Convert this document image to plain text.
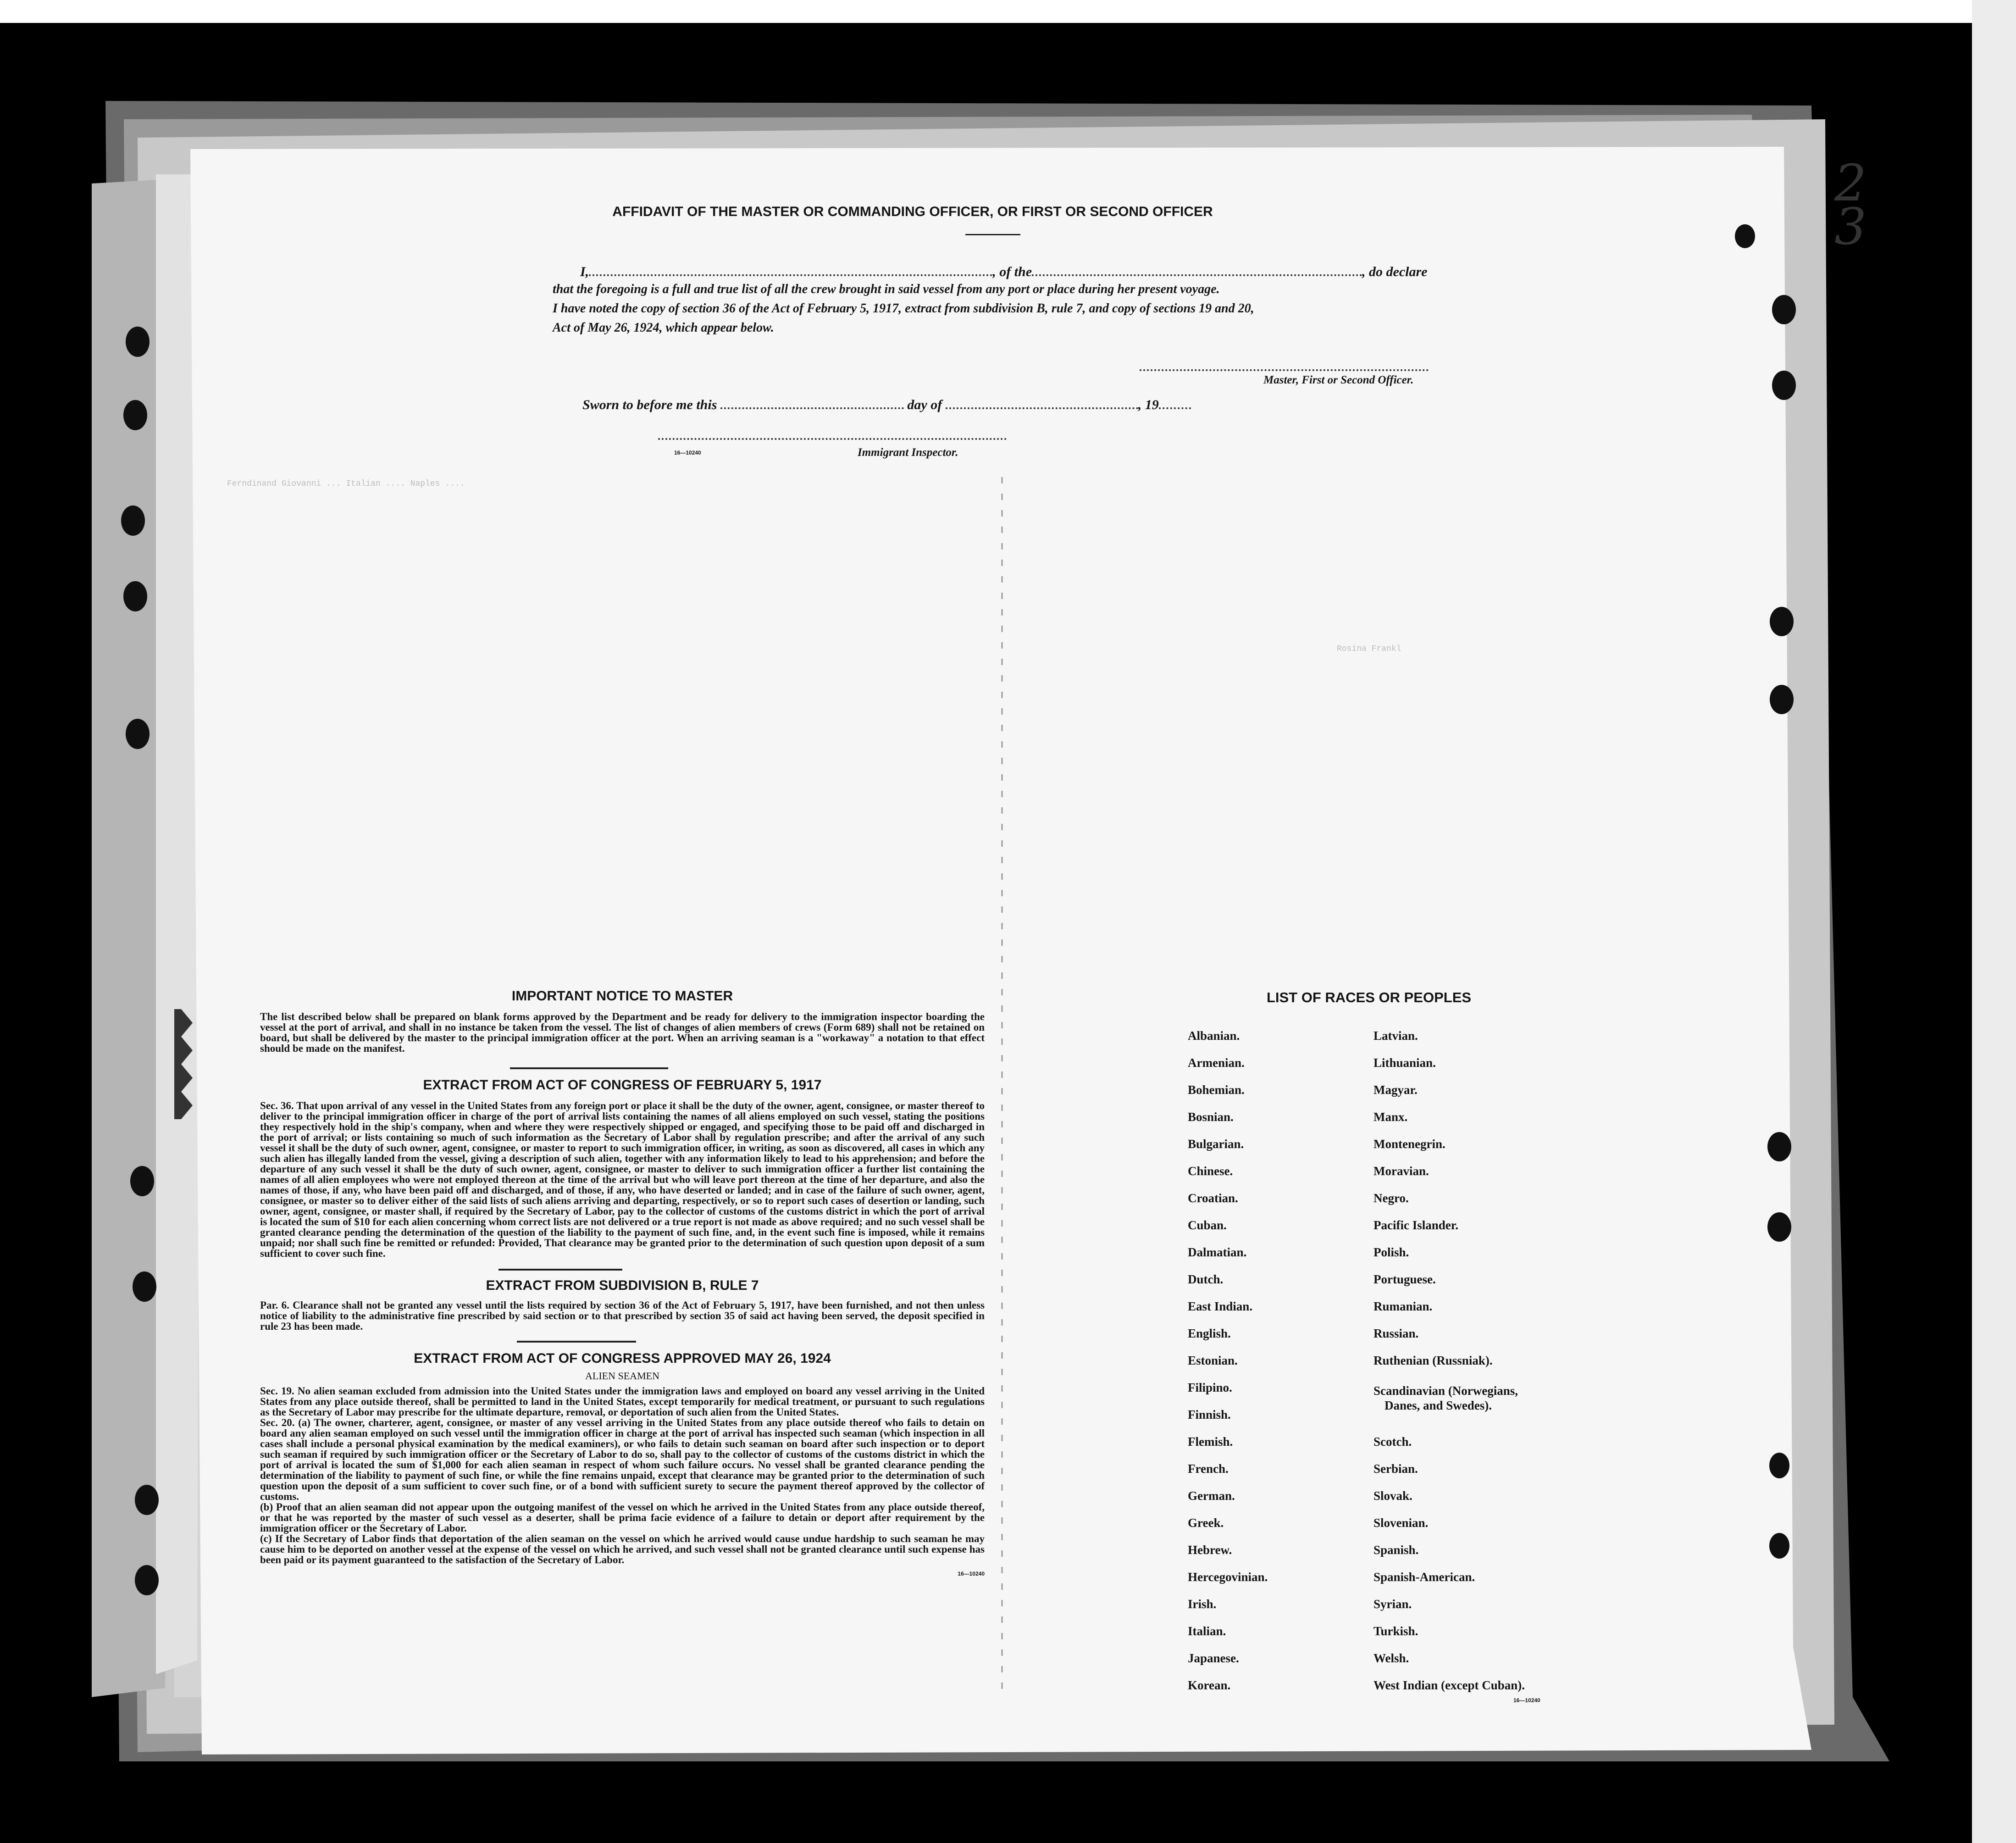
2
3
Ferndinand Giovanni ... Italian .... Naples ....
Rosina Frankl
AFFIDAVIT OF THE MASTER OR COMMANDING OFFICER, OR FIRST OR SECOND OFFICER
I,	, of the	, do declare
that the foregoing is a full and true list of all the crew brought in said vessel from any port or place during her present voyage.
I have noted the copy of section 36 of the Act of February 5, 1917, extract from subdivision B, rule 7, and copy of sections 19 and 20,
Act of May 26, 1924, which appear below.
Master, First or Second Officer.
Sworn to before me this	day of	, 19
16—10240	Immigrant Inspector.
IMPORTANT NOTICE TO MASTER

The list described below shall be prepared on blank forms approved by the Department and be ready for delivery to the immigration inspector boarding the vessel at the port of arrival, and shall in no instance be taken from the vessel. The list of changes of alien members of crews (Form 689) shall not be retained on board, but shall be delivered by the master to the principal immigration officer at the port. When an arriving seaman is a "workaway" a notation to that effect should be made on the manifest.

EXTRACT FROM ACT OF CONGRESS OF FEBRUARY 5, 1917

Sec. 36. That upon arrival of any vessel in the United States from any foreign port or place it shall be the duty of the owner, agent, consignee, or master thereof to deliver to the principal immigration officer in charge of the port of arrival lists containing the names of all aliens employed on such vessel, stating the positions they respectively hold in the ship's company, when and where they were respectively shipped or engaged, and specifying those to be paid off and discharged in the port of arrival; or lists containing so much of such information as the Secretary of Labor shall by regulation prescribe; and after the arrival of any such vessel it shall be the duty of such owner, agent, consignee, or master to report to such immigration officer, in writing, as soon as discovered, all cases in which any such alien has illegally landed from the vessel, giving a description of such alien, together with any information likely to lead to his apprehension; and before the departure of any such vessel it shall be the duty of such owner, agent, consignee, or master to deliver to such immigration officer a further list containing the names of all alien employees who were not employed thereon at the time of the arrival but who will leave port thereon at the time of her departure, and also the names of those, if any, who have been paid off and discharged, and of those, if any, who have deserted or landed; and in case of the failure of such owner, agent, consignee, or master so to deliver either of the said lists of such aliens arriving and departing, respectively, or so to report such cases of desertion or landing, such owner, agent, consignee, or master shall, if required by the Secretary of Labor, pay to the collector of customs of the customs district in which the port of arrival is located the sum of $10 for each alien concerning whom correct lists are not delivered or a true report is not made as above required; and no such vessel shall be granted clearance pending the determination of the question of the liability to the payment of such fine, and, in the event such fine is imposed, while it remains unpaid; nor shall such fine be remitted or refunded: Provided, That clearance may be granted prior to the determination of such question upon deposit of a sum sufficient to cover such fine.

EXTRACT FROM SUBDIVISION B, RULE 7

Par. 6. Clearance shall not be granted any vessel until the lists required by section 36 of the Act of February 5, 1917, have been furnished, and not then unless notice of liability to the administrative fine prescribed by said section or to that prescribed by section 35 of said act having been served, the deposit specified in rule 23 has been made.

EXTRACT FROM ACT OF CONGRESS APPROVED MAY 26, 1924
ALIEN SEAMEN

Sec. 19. No alien seaman excluded from admission into the United States under the immigration laws and employed on board any vessel arriving in the United States from any place outside thereof, shall be permitted to land in the United States, except temporarily for medical treatment, or pursuant to such regulations as the Secretary of Labor may prescribe for the ultimate departure, removal, or deportation of such alien from the United States.

Sec. 20. (a) The owner, charterer, agent, consignee, or master of any vessel arriving in the United States from any place outside thereof who fails to detain on board any alien seaman employed on such vessel until the immigration officer in charge at the port of arrival has inspected such seaman (which inspection in all cases shall include a personal physical examination by the medical examiners), or who fails to detain such seaman on board after such inspection or to deport such seaman if required by such immigration officer or the Secretary of Labor to do so, shall pay to the collector of customs of the customs district in which the port of arrival is located the sum of $1,000 for each alien seaman in respect of whom such failure occurs. No vessel shall be granted clearance pending the determination of the liability to payment of such fine, or while the fine remains unpaid, except that clearance may be granted prior to the determination of such question upon the deposit of a sum sufficient to cover such fine, or of a bond with sufficient surety to secure the payment thereof approved by the collector of customs.

(b) Proof that an alien seaman did not appear upon the outgoing manifest of the vessel on which he arrived in the United States from any place outside thereof, or that he was reported by the master of such vessel as a deserter, shall be prima facie evidence of a failure to detain or deport after requirement by the immigration officer or the Secretary of Labor.

(c) If the Secretary of Labor finds that deportation of the alien seaman on the vessel on which he arrived would cause undue hardship to such seaman he may cause him to be deported on another vessel at the expense of the vessel on which he arrived, and such vessel shall not be granted clearance until such expense has been paid or its payment guaranteed to the satisfaction of the Secretary of Labor.

16—10240
LIST OF RACES OR PEOPLES
Albanian.
Armenian.
Bohemian.
Bosnian.
Bulgarian.
Chinese.
Croatian.
Cuban.
Dalmatian.
Dutch.
East Indian.
English.
Estonian.
Filipino.
Finnish.
Flemish.
French.
German.
Greek.
Hebrew.
Hercegovinian.
Irish.
Italian.
Japanese.
Korean.
Latvian.
Lithuanian.
Magyar.
Manx.
Montenegrin.
Moravian.
Negro.
Pacific Islander.
Polish.
Portuguese.
Rumanian.
Russian.
Ruthenian (Russniak).
Scandinavian (Norwegians,
Danes, and Swedes).
Scotch.
Serbian.
Slovak.
Slovenian.
Spanish.
Spanish-American.
Syrian.
Turkish.
Welsh.
West Indian (except Cuban).
16—10240
